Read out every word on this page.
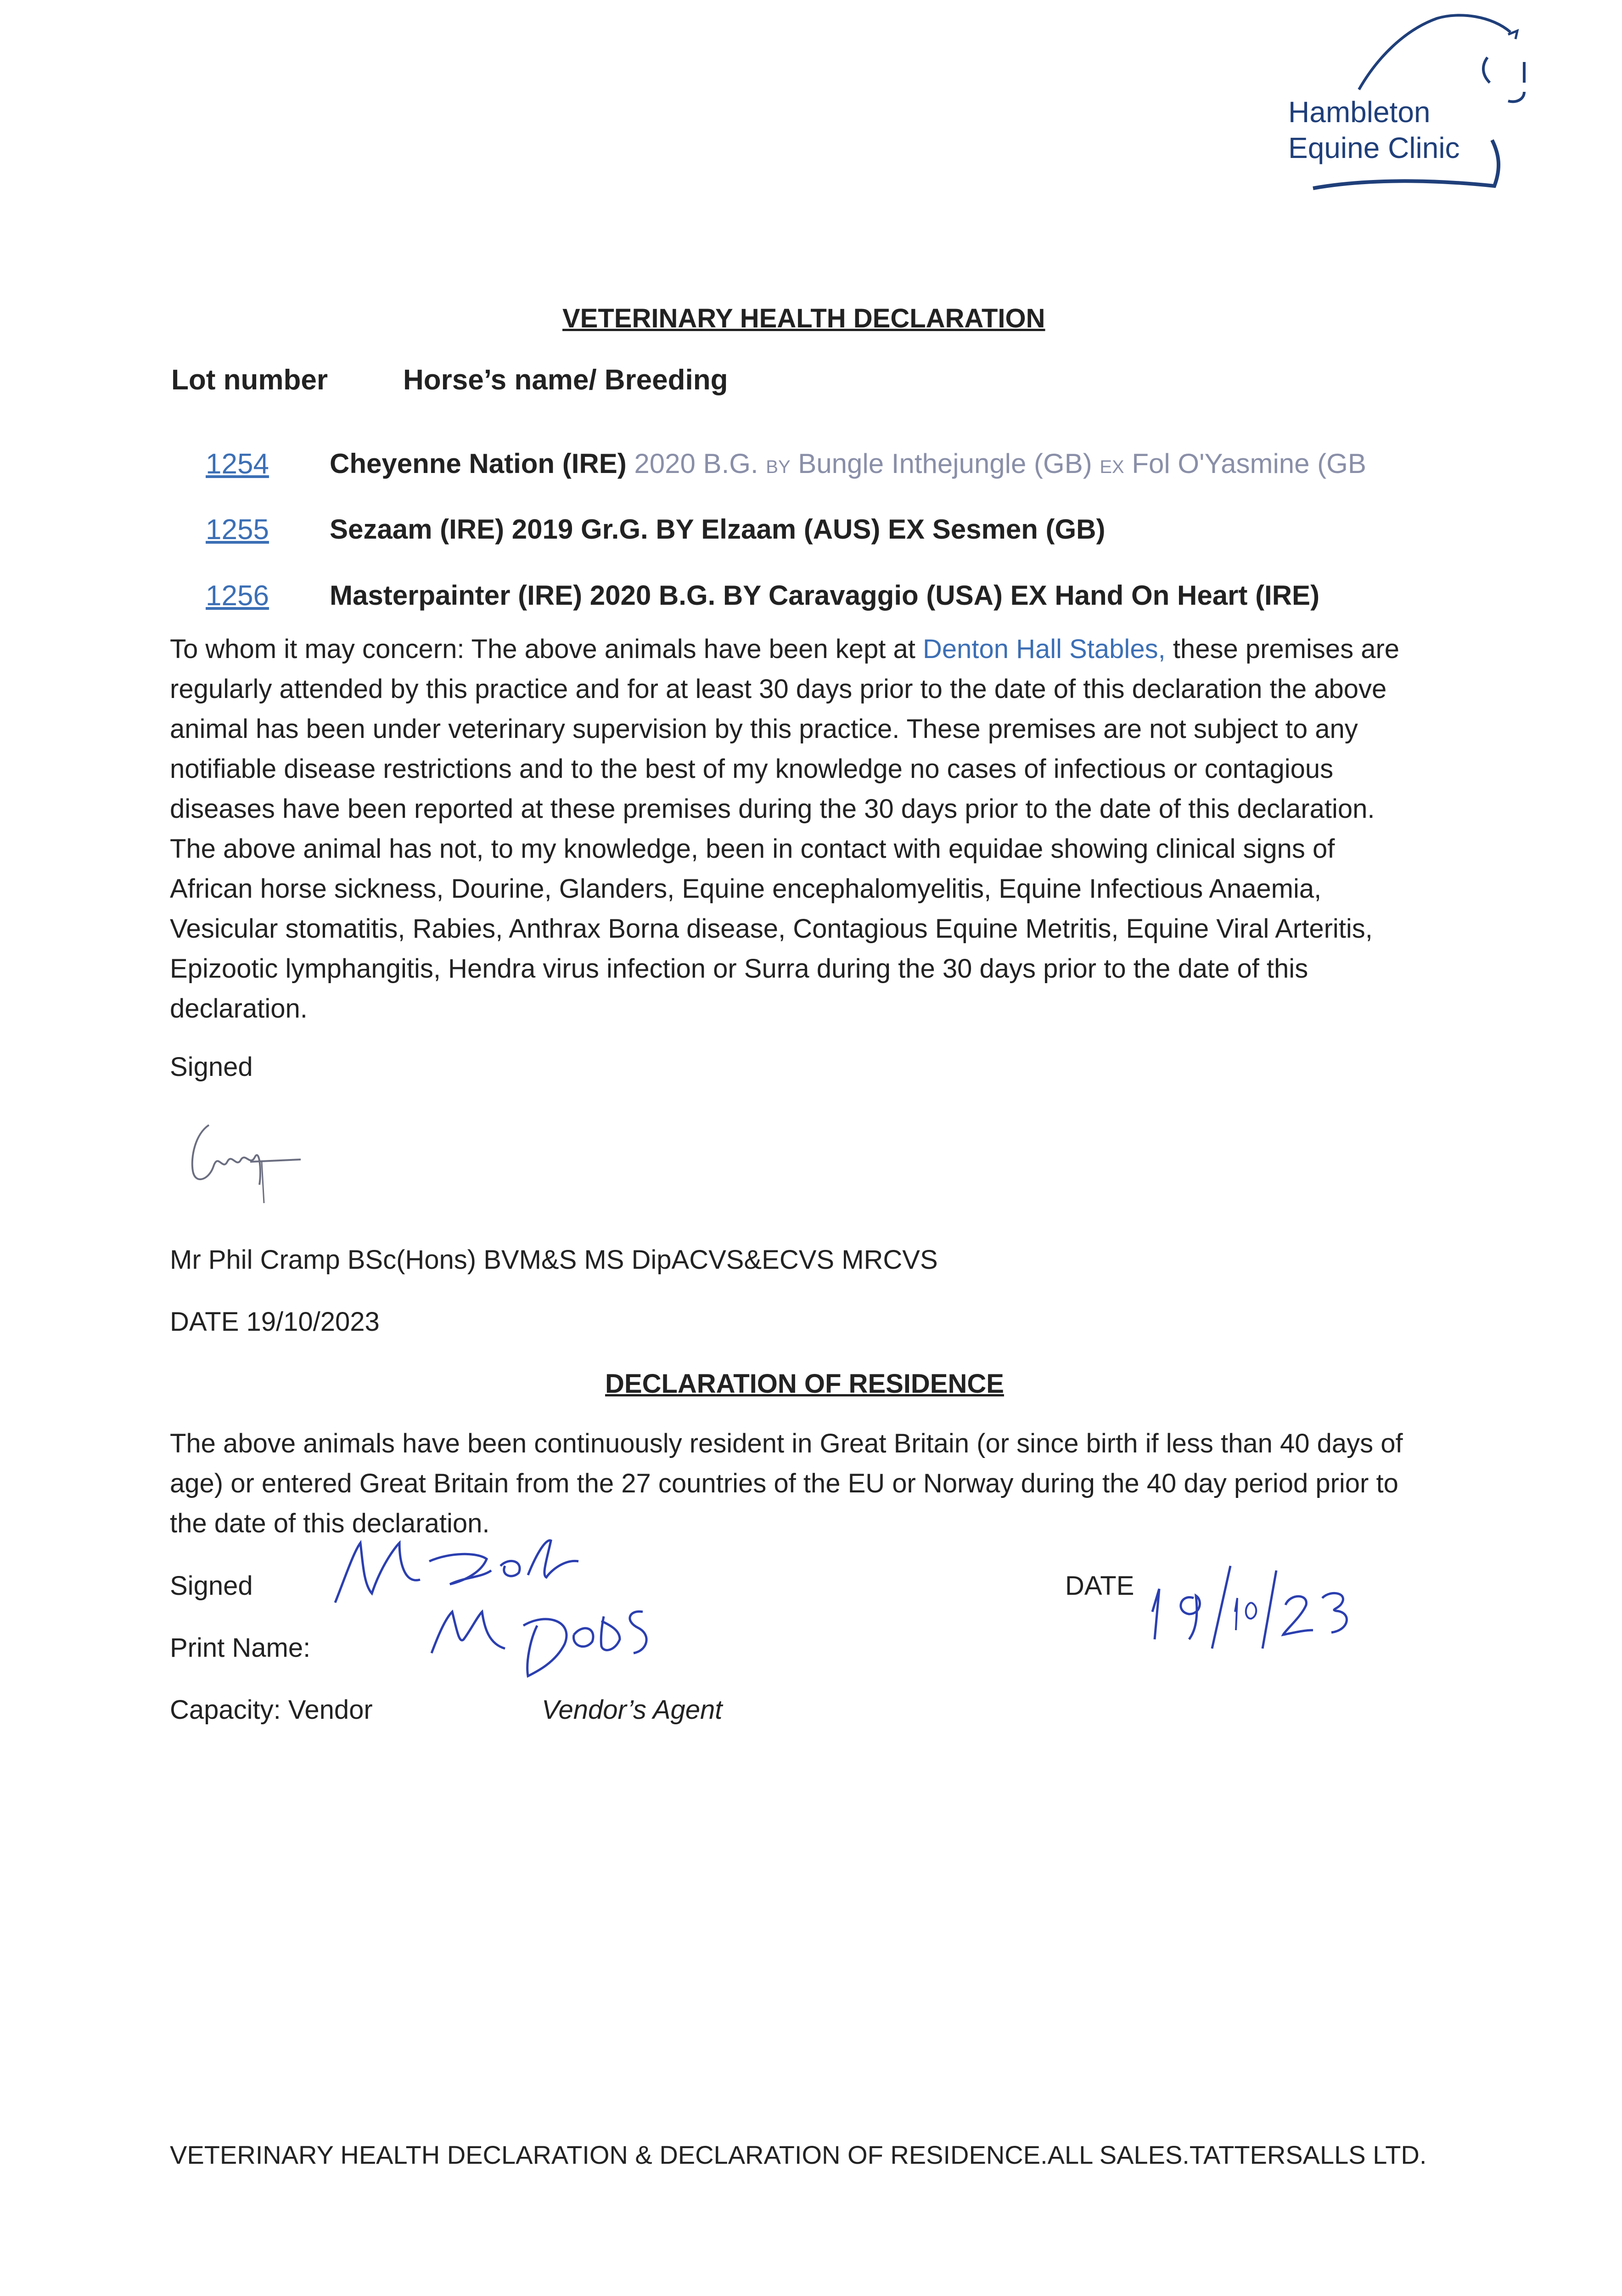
Hambleton
Equine Clinic
VETERINARY HEALTH DECLARATION
Lot number	Horse’s name/ Breeding
1254 Cheyenne Nation (IRE) 2020 B.G. BY Bungle Inthejungle (GB) EX Fol O'Yasmine (GB
1255 Sezaam (IRE) 2019 Gr.G. BY Elzaam (AUS) EX Sesmen (GB)
1256 Masterpainter (IRE) 2020 B.G. BY Caravaggio (USA) EX Hand On Heart (IRE)
To whom it may concern: The above animals have been kept at Denton Hall Stables, these premises are regularly attended by this practice and for at least 30 days prior to the date of this declaration the above animal has been under veterinary supervision by this practice. These premises are not subject to any notifiable disease restrictions and to the best of my knowledge no cases of infectious or contagious diseases have been reported at these premises during the 30 days prior to the date of this declaration. The above animal has not, to my knowledge, been in contact with equidae showing clinical signs of African horse sickness, Dourine, Glanders, Equine encephalomyelitis, Equine Infectious Anaemia, Vesicular stomatitis, Rabies, Anthrax Borna disease, Contagious Equine Metritis, Equine Viral Arteritis, Epizootic lymphangitis, Hendra virus infection or Surra during the 30 days prior to the date of this declaration.
Signed
Mr Phil Cramp BSc(Hons) BVM&S MS DipACVS&ECVS MRCVS
DATE 19/10/2023
DECLARATION OF RESIDENCE
The above animals have been continuously resident in Great Britain (or since birth if less than 40 days of age) or entered Great Britain from the 27 countries of the EU or Norway during the 40 day period prior to the date of this declaration.
Signed
Print Name:
Capacity: Vendor	Vendor’s Agent
DATE
VETERINARY HEALTH DECLARATION & DECLARATION OF RESIDENCE.ALL SALES.TATTERSALLS LTD.
